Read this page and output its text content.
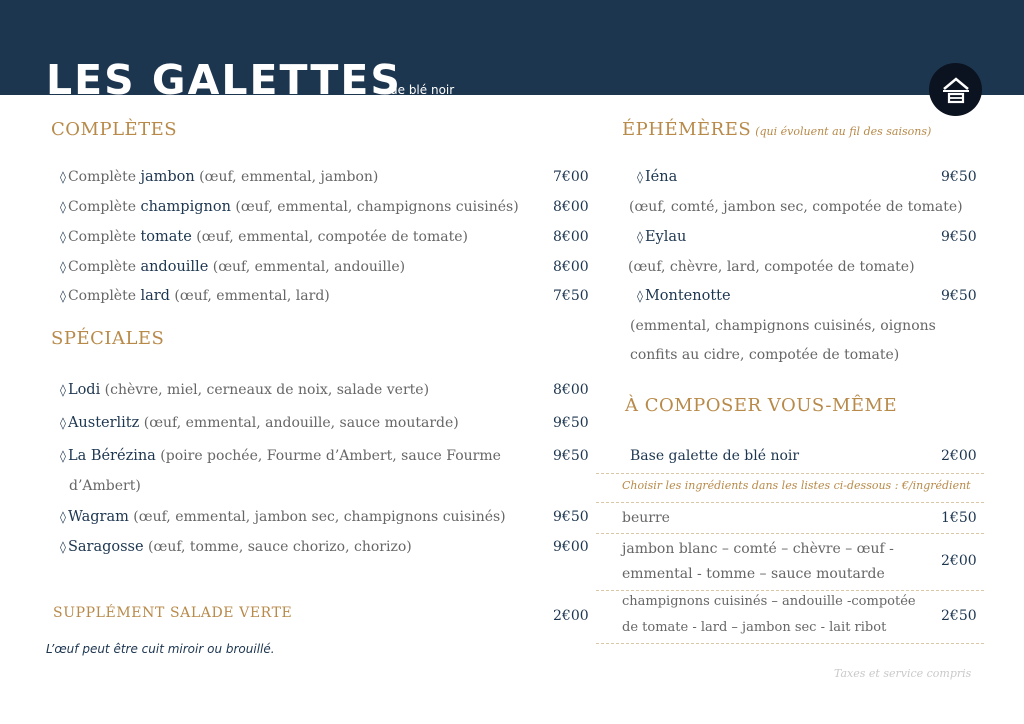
LES GALETTES
de blé noir
COMPLÈTES
◊ Complète jambon (œuf, emmental, jambon)	7€00
◊ Complète champignon (œuf, emmental, champignons cuisinés) 8€00
◊ Complète tomate (œuf, emmental, compotée de tomate)	8€00
◊ Complète andouille (œuf, emmental, andouille)	8€00
◊ Complète lard (œuf, emmental, lard)	7€50
SPÉCIALES
◊ Lodi (chèvre, miel, cerneaux de noix, salade verte)	8€00
◊ Austerlitz (œuf, emmental, andouille, sauce moutarde)	9€50
◊ La Bérézina (poire pochée, Fourme d’Ambert, sauce Fourme
d’Ambert)
9€50
◊ Wagram (œuf, emmental, jambon sec, champignons cuisinés)	9€50
◊ Saragosse (œuf, tomme, sauce chorizo, chorizo)	9€00
SUPPLÉMENT SALADE VERTE	2€00
L’œuf peut être cuit miroir ou brouillé.
ÉPHÉMÈRES (qui évoluent au fil des saisons)
◊ Iéna	9€50
(œuf, comté, jambon sec, compotée de tomate)
◊ Eylau	9€50
(œuf, chèvre, lard, compotée de tomate)
◊ Montenotte	9€50
(emmental, champignons cuisinés, oignons
confits au cidre, compotée de tomate)
À COMPOSER VOUS-MÊME
Base galette de blé noir	2€00
Choisir les ingrédients dans les listes ci-dessous : €/ingrédient
beurre	1€50
jambon blanc – comté – chèvre – œuf -
emmental - tomme – sauce moutarde
2€00
champignons cuisinés – andouille -compotée
de tomate - lard – jambon sec - lait ribot
2€50
Taxes et service compris
